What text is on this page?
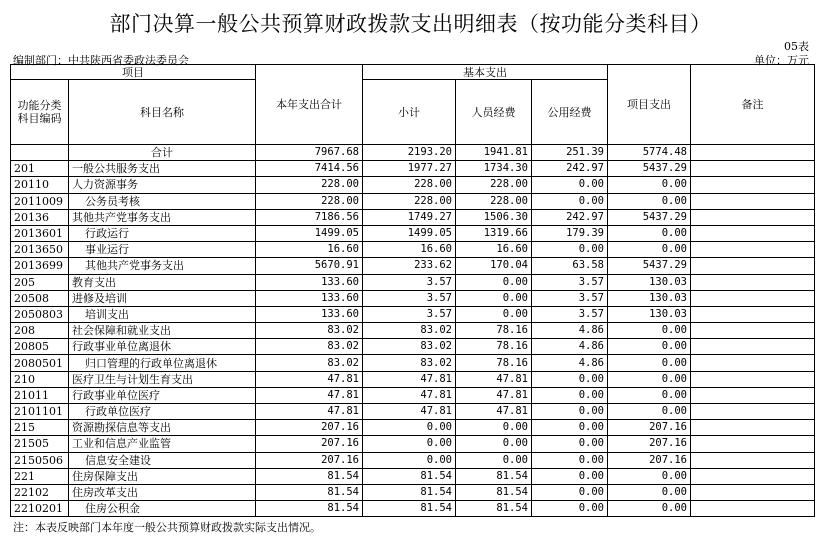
部门决算一般公共预算财政拨款支出明细表（按功能分类科目）
05表
编制部门：中共陕西省委政法委员会	单位：万元
项目		本年支出合计	基本支出			项目支出	备注
功能分类科目编码	科目名称		小计	人员经费	公用经费		

	合计	7967.68	2193.20	1941.81	251.39	5774.48	
201	一般公共服务支出	7414.56	1977.27	1734.30	242.97	5437.29	
20110	人力资源事务	228.00	228.00	228.00	0.00	0.00	
2011009	公务员考核	228.00	228.00	228.00	0.00	0.00	
20136	其他共产党事务支出	7186.56	1749.27	1506.30	242.97	5437.29	
2013601	行政运行	1499.05	1499.05	1319.66	179.39	0.00	
2013650	事业运行	16.60	16.60	16.60	0.00	0.00	
2013699	其他共产党事务支出	5670.91	233.62	170.04	63.58	5437.29	
205	教育支出	133.60	3.57	0.00	3.57	130.03	
20508	进修及培训	133.60	3.57	0.00	3.57	130.03	
2050803	培训支出	133.60	3.57	0.00	3.57	130.03	
208	社会保障和就业支出	83.02	83.02	78.16	4.86	0.00	
20805	行政事业单位离退休	83.02	83.02	78.16	4.86	0.00	
2080501	归口管理的行政单位离退休	83.02	83.02	78.16	4.86	0.00	
210	医疗卫生与计划生育支出	47.81	47.81	47.81	0.00	0.00	
21011	行政事业单位医疗	47.81	47.81	47.81	0.00	0.00	
2101101	行政单位医疗	47.81	47.81	47.81	0.00	0.00	
215	资源勘探信息等支出	207.16	0.00	0.00	0.00	207.16	
21505	工业和信息产业监管	207.16	0.00	0.00	0.00	207.16	
2150506	信息安全建设	207.16	0.00	0.00	0.00	207.16	
221	住房保障支出	81.54	81.54	81.54	0.00	0.00	
22102	住房改革支出	81.54	81.54	81.54	0.00	0.00	
2210201	住房公积金	81.54	81.54	81.54	0.00	0.00	
注：本表反映部门本年度一般公共预算财政拨款实际支出情况。
